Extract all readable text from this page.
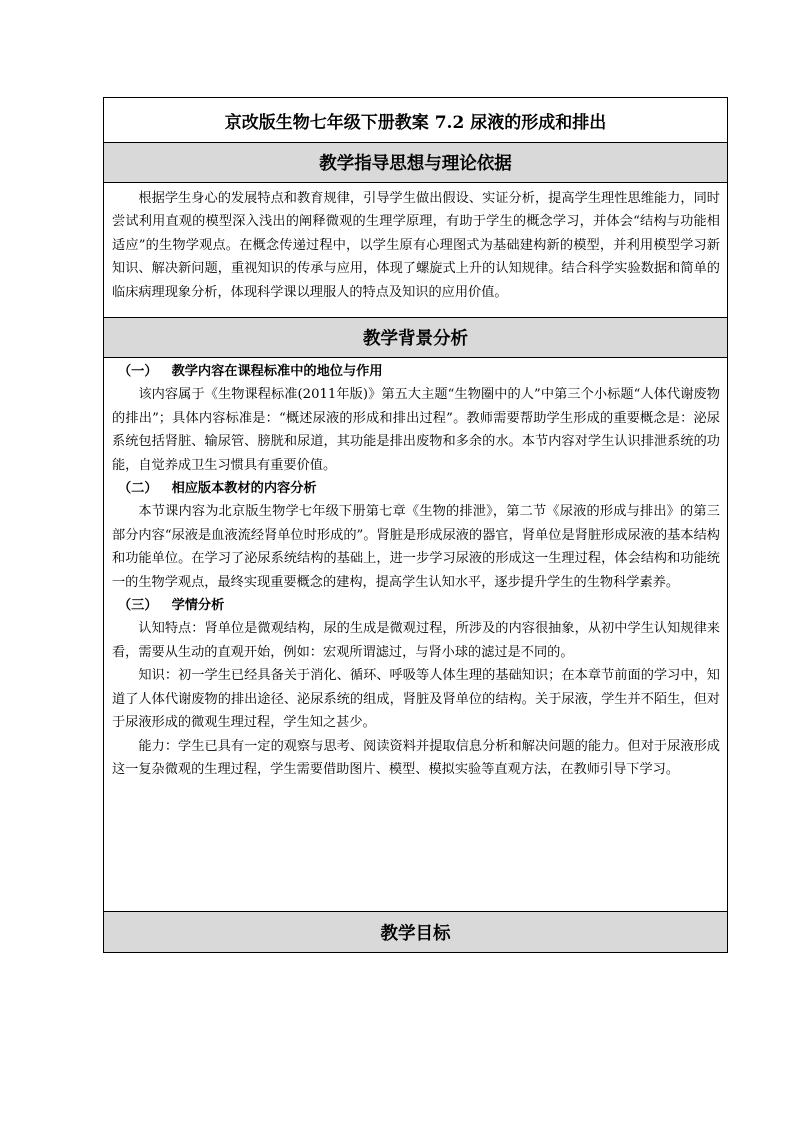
京改版生物七年级下册教案 7.2 尿液的形成和排出
教学指导思想与理论依据

根据学生身心的发展特点和教育规律，引导学生做出假设、实证分析，提高学生理性思维能力，同时尝试利用直观的模型深入浅出的阐释微观的生理学原理，有助于学生的概念学习，并体会“结构与功能相适应”的生物学观点。在概念传递过程中，以学生原有心理图式为基础建构新的模型，并利用模型学习新知识、解决新问题，重视知识的传承与应用，体现了螺旋式上升的认知规律。结合科学实验数据和简单的临床病理现象分析，体现科学课以理服人的特点及知识的应用价值。

教学背景分析
（一） 教学内容在课程标准中的地位与作用

该内容属于《生物课程标准(2011年版)》第五大主题“生物圈中的人”中第三个小标题“人体代谢废物的排出”；具体内容标准是：“概述尿液的形成和排出过程”。教师需要帮助学生形成的重要概念是：泌尿系统包括肾脏、输尿管、膀胱和尿道，其功能是排出废物和多余的水。本节内容对学生认识排泄系统的功能，自觉养成卫生习惯具有重要价值。

（二） 相应版本教材的内容分析

本节课内容为北京版生物学七年级下册第七章《生物的排泄》，第二节《尿液的形成与排出》的第三部分内容“尿液是血液流经肾单位时形成的”。肾脏是形成尿液的器官，肾单位是肾脏形成尿液的基本结构和功能单位。在学习了泌尿系统结构的基础上，进一步学习尿液的形成这一生理过程，体会结构和功能统一的生物学观点，最终实现重要概念的建构，提高学生认知水平，逐步提升学生的生物科学素养。

（三） 学情分析

认知特点：肾单位是微观结构，尿的生成是微观过程，所涉及的内容很抽象，从初中学生认知规律来看，需要从生动的直观开始，例如：宏观所谓滤过，与肾小球的滤过是不同的。

知识：初一学生已经具备关于消化、循环、呼吸等人体生理的基础知识；在本章节前面的学习中，知道了人体代谢废物的排出途径、泌尿系统的组成，肾脏及肾单位的结构。关于尿液，学生并不陌生，但对于尿液形成的微观生理过程，学生知之甚少。

能力：学生已具有一定的观察与思考、阅读资料并提取信息分析和解决问题的能力。但对于尿液形成这一复杂微观的生理过程，学生需要借助图片、模型、模拟实验等直观方法，在教师引导下学习。

教学目标
